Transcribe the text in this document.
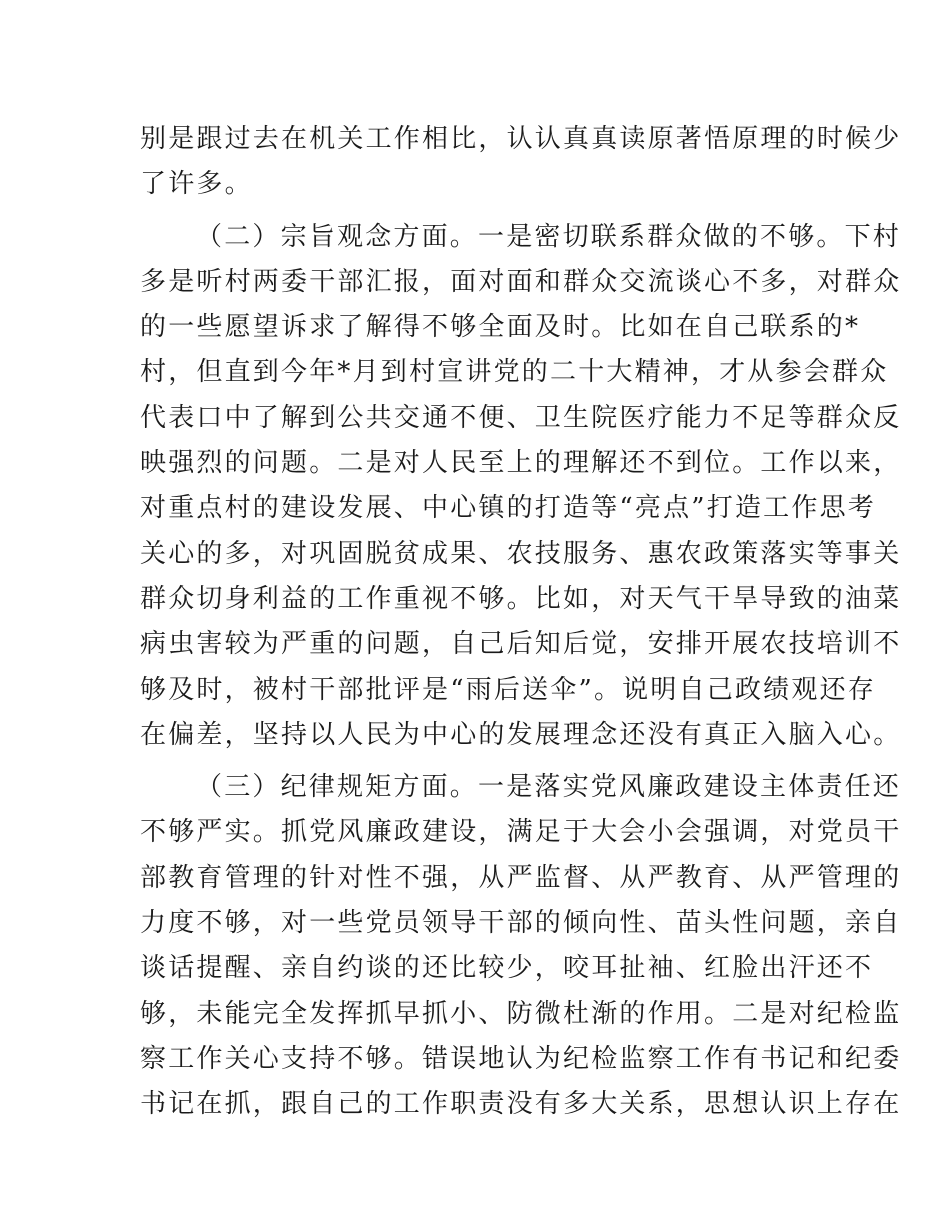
别是跟过去在机关工作相比，认认真真读原著悟原理的时候少
了许多。
（二）宗旨观念方面。一是密切联系群众做的不够。下村
多是听村两委干部汇报，面对面和群众交流谈心不多，对群众
的一些愿望诉求了解得不够全面及时。比如在自己联系的*
村，但直到今年*月到村宣讲党的二十大精神，才从参会群众
代表口中了解到公共交通不便、卫生院医疗能力不足等群众反
映强烈的问题。二是对人民至上的理解还不到位。工作以来，
对重点村的建设发展、中心镇的打造等“亮点”打造工作思考
关心的多，对巩固脱贫成果、农技服务、惠农政策落实等事关
群众切身利益的工作重视不够。比如，对天气干旱导致的油菜
病虫害较为严重的问题，自己后知后觉，安排开展农技培训不
够及时，被村干部批评是“雨后送伞”。说明自己政绩观还存
在偏差，坚持以人民为中心的发展理念还没有真正入脑入心。
（三）纪律规矩方面。一是落实党风廉政建设主体责任还
不够严实。抓党风廉政建设，满足于大会小会强调，对党员干
部教育管理的针对性不强，从严监督、从严教育、从严管理的
力度不够，对一些党员领导干部的倾向性、苗头性问题，亲自
谈话提醒、亲自约谈的还比较少，咬耳扯袖、红脸出汗还不
够，未能完全发挥抓早抓小、防微杜渐的作用。二是对纪检监
察工作关心支持不够。错误地认为纪检监察工作有书记和纪委
书记在抓，跟自己的工作职责没有多大关系，思想认识上存在
